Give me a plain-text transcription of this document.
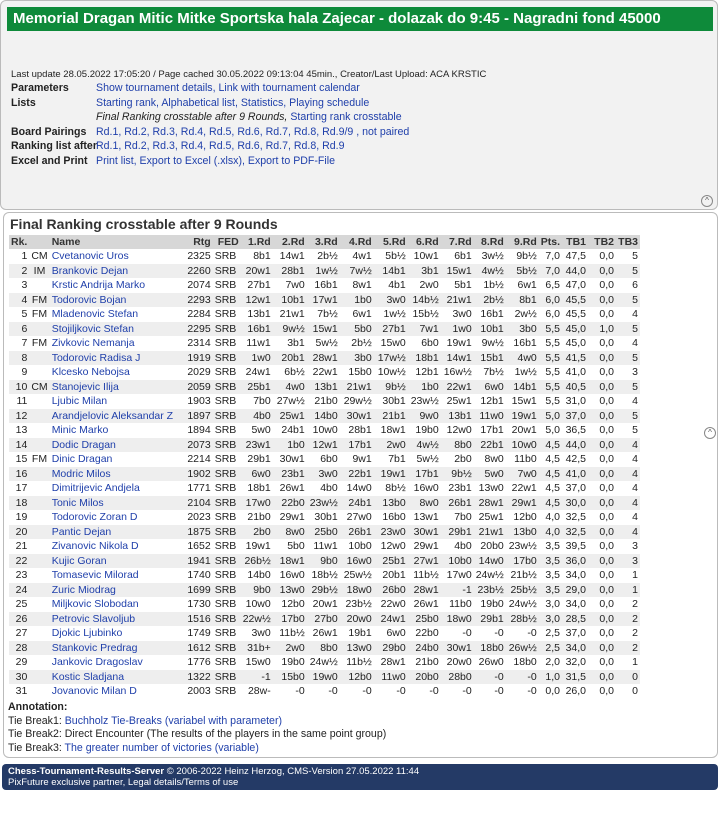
Memorial Dragan Mitic Mitke Sportska hala Zajecar - dolazak do 9:45 - Nagradni fond 45000
Last update 28.05.2022 17:05:20 / Page cached 30.05.2022 09:13:04 45min., Creator/Last Upload: ACA KRSTIC
Parameters	Show tournament details, Link with tournament calendar
Lists	Starting rank, Alphabetical list, Statistics, Playing schedule
Final Ranking crosstable after 9 Rounds, Starting rank crosstable
Board Pairings Rd.1, Rd.2, Rd.3, Rd.4, Rd.5, Rd.6, Rd.7, Rd.8, Rd.9/9 , not paired
Ranking list afterRd.1, Rd.2, Rd.3, Rd.4, Rd.5, Rd.6, Rd.7, Rd.8, Rd.9
Excel and Print Print list, Export to Excel (.xlsx), Export to PDF-File
^
Final Ranking crosstable after 9 Rounds
Rk.		Name	Rtg	FED	1.Rd	2.Rd	3.Rd	4.Rd	5.Rd	6.Rd	7.Rd	8.Rd	9.Rd	Pts.	TB1	TB2	TB3
1	CM	Cvetanovic Uros	2325	SRB	8b1	14w1	2b½	4w1	5b½	10w1	6b1	3w½	9b½	7,0	47,5	0,0	5
2	IM	Brankovic Dejan	2260	SRB	20w1	28b1	1w½	7w½	14b1	3b1	15w1	4w½	5b½	7,0	44,0	0,0	5
3		Krstic Andrija Marko	2074	SRB	27b1	7w0	16b1	8w1	4b1	2w0	5b1	1b½	6w1	6,5	47,0	0,0	6
4	FM	Todorovic Bojan	2293	SRB	12w1	10b1	17w1	1b0	3w0	14b½	21w1	2b½	8b1	6,0	45,5	0,0	5
5	FM	Mladenovic Stefan	2284	SRB	13b1	21w1	7b½	6w1	1w½	15b½	3w0	16b1	2w½	6,0	45,5	0,0	4
6		Stojiljkovic Stefan	2295	SRB	16b1	9w½	15w1	5b0	27b1	7w1	1w0	10b1	3b0	5,5	45,0	1,0	5
7	FM	Zivkovic Nemanja	2314	SRB	11w1	3b1	5w½	2b½	15w0	6b0	19w1	9w½	16b1	5,5	45,0	0,0	4
8		Todorovic Radisa J	1919	SRB	1w0	20b1	28w1	3b0	17w½	18b1	14w1	15b1	4w0	5,5	41,5	0,0	5
9		Klcesko Nebojsa	2029	SRB	24w1	6b½	22w1	15b0	10w½	12b1	16w½	7b½	1w½	5,5	41,0	0,0	3
10	CM	Stanojevic Ilija	2059	SRB	25b1	4w0	13b1	21w1	9b½	1b0	22w1	6w0	14b1	5,5	40,5	0,0	5
11		Ljubic Milan	1903	SRB	7b0	27w½	21b0	29w½	30b1	23w½	25w1	12b1	15w1	5,5	31,0	0,0	4
12		Arandjelovic Aleksandar Z	1897	SRB	4b0	25w1	14b0	30w1	21b1	9w0	13b1	11w0	19w1	5,0	37,0	0,0	5
13		Minic Marko	1894	SRB	5w0	24b1	10w0	28b1	18w1	19b0	12w0	17b1	20w1	5,0	36,5	0,0	5
14		Dodic Dragan	2073	SRB	23w1	1b0	12w1	17b1	2w0	4w½	8b0	22b1	10w0	4,5	44,0	0,0	4
15	FM	Dinic Dragan	2214	SRB	29b1	30w1	6b0	9w1	7b1	5w½	2b0	8w0	11b0	4,5	42,5	0,0	4
16		Modric Milos	1902	SRB	6w0	23b1	3w0	22b1	19w1	17b1	9b½	5w0	7w0	4,5	41,0	0,0	4
17		Dimitrijevic Andjela	1771	SRB	18b1	26w1	4b0	14w0	8b½	16w0	23b1	13w0	22w1	4,5	37,0	0,0	4
18		Tonic Milos	2104	SRB	17w0	22b0	23w½	24b1	13b0	8w0	26b1	28w1	29w1	4,5	30,0	0,0	4
19		Todorovic Zoran D	2023	SRB	21b0	29w1	30b1	27w0	16b0	13w1	7b0	25w1	12b0	4,0	32,5	0,0	4
20		Pantic Dejan	1875	SRB	2b0	8w0	25b0	26b1	23w0	30w1	29b1	21w1	13b0	4,0	32,5	0,0	4
21		Zivanovic Nikola D	1652	SRB	19w1	5b0	11w1	10b0	12w0	29w1	4b0	20b0	23w½	3,5	39,5	0,0	3
22		Kujic Goran	1941	SRB	26b½	18w1	9b0	16w0	25b1	27w1	10b0	14w0	17b0	3,5	36,0	0,0	3
23		Tomasevic Milorad	1740	SRB	14b0	16w0	18b½	25w½	20b1	11b½	17w0	24w½	21b½	3,5	34,0	0,0	1
24		Zuric Miodrag	1699	SRB	9b0	13w0	29b½	18w0	26b0	28w1	-1	23b½	25b½	3,5	29,0	0,0	1
25		Miljkovic Slobodan	1730	SRB	10w0	12b0	20w1	23b½	22w0	26w1	11b0	19b0	24w½	3,0	34,0	0,0	2
26		Petrovic Slavoljub	1516	SRB	22w½	17b0	27b0	20w0	24w1	25b0	18w0	29b1	28b½	3,0	28,5	0,0	2
27		Djokic Ljubinko	1749	SRB	3w0	11b½	26w1	19b1	6w0	22b0	-0	-0	-0	2,5	37,0	0,0	2
28		Stankovic Predrag	1612	SRB	31b+	2w0	8b0	13w0	29b0	24b0	30w1	18b0	26w½	2,5	34,0	0,0	2
29		Jankovic Dragoslav	1776	SRB	15w0	19b0	24w½	11b½	28w1	21b0	20w0	26w0	18b0	2,0	32,0	0,0	1
30		Kostic Sladjana	1322	SRB	-1	15b0	19w0	12b0	11w0	20b0	28b0	-0	-0	1,0	31,5	0,0	0
31		Jovanovic Milan D	2003	SRB	28w-	-0	-0	-0	-0	-0	-0	-0	-0	0,0	26,0	0,0	0
^
Annotation:
Tie Break1: Buchholz Tie-Breaks (variabel with parameter)
Tie Break2: Direct Encounter (The results of the players in the same point group)
Tie Break3: The greater number of victories (variable)
Chess-Tournament-Results-Server © 2006-2022 Heinz Herzog, CMS-Version 27.05.2022 11:44
PixFuture exclusive partner, Legal details/Terms of use
